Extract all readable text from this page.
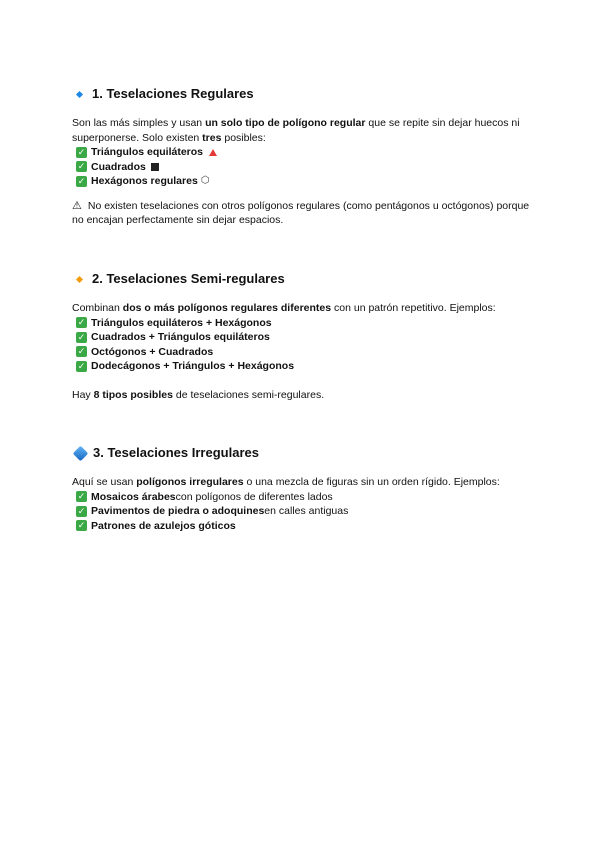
1. Teselaciones Regulares

Son las más simples y usan un solo tipo de polígono regular que se repite sin dejar huecos ni superponerse. Solo existen tres posibles:

✓ Triángulos equiláteros
✓ Cuadrados
✓ Hexágonos regulares ⬡

⚠ No existen teselaciones con otros polígonos regulares (como pentágonos u octógonos) porque no encajan perfectamente sin dejar espacios.

2. Teselaciones Semi-regulares

Combinan dos o más polígonos regulares diferentes con un patrón repetitivo. Ejemplos:

✓ Triángulos equiláteros + Hexágonos
✓ Cuadrados + Triángulos equiláteros
✓ Octógonos + Cuadrados
✓ Dodecágonos + Triángulos + Hexágonos

Hay 8 tipos posibles de teselaciones semi-regulares.

3. Teselaciones Irregulares

Aquí se usan polígonos irregulares o una mezcla de figuras sin un orden rígido. Ejemplos:

✓ Mosaicos árabes con polígonos de diferentes lados
✓ Pavimentos de piedra o adoquines en calles antiguas
✓ Patrones de azulejos góticos
